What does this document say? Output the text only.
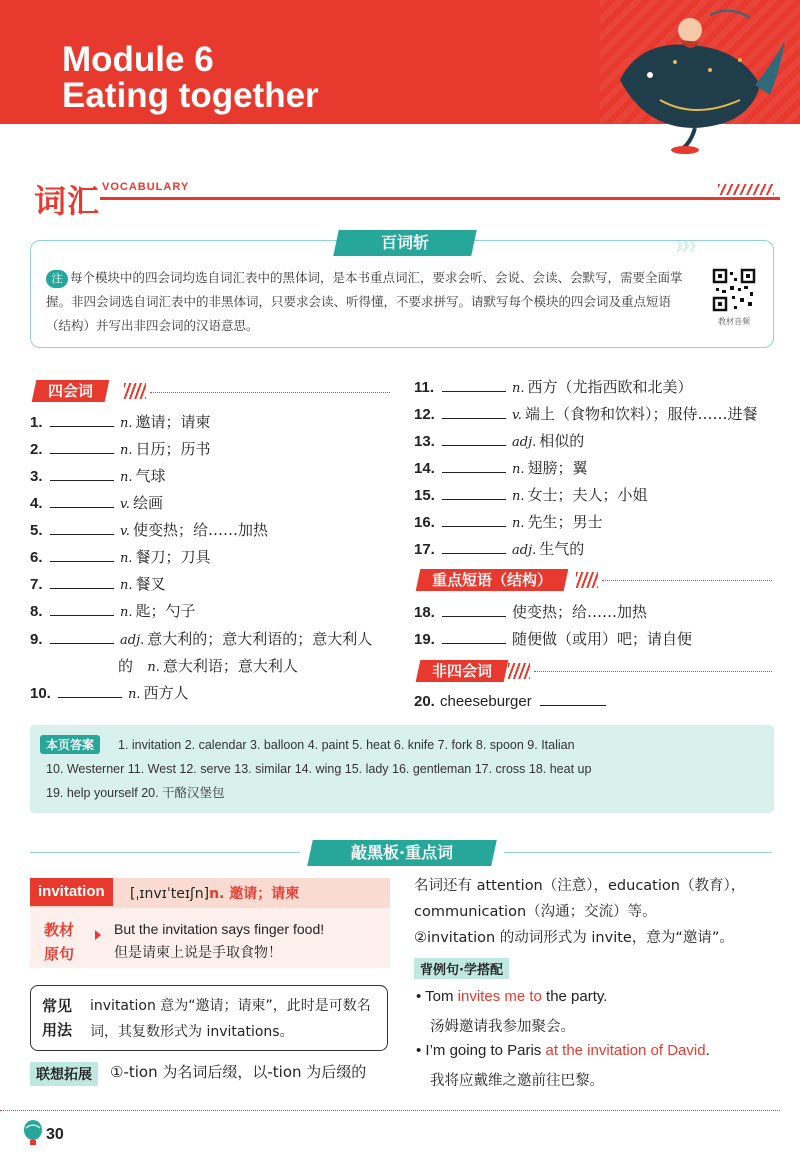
Module 6
Eating together
词汇 VOCABULARY
百词斩	》》》
注 每个模块中的四会词均选自词汇表中的黑体词，是本书重点词汇，要求会听、会说、会读、会默写，需要全面掌
握。非四会词选自词汇表中的非黑体词，只要求会读、听得懂，不要求拼写。请默写每个模块的四会词及重点短语
（结构）并写出非四会词的汉语意思。	教材音频
四会词
1.	n. 邀请；请柬
2.	n. 日历；历书
3.	n. 气球
4.	v. 绘画
5.	v. 使变热；给……加热
6.	n. 餐刀；刀具
7.	n. 餐叉
8.	n. 匙；勺子
9.	adj. 意大利的；意大利语的；意大利人
的 n. 意大利语；意大利人
10.	n. 西方人
11.	n. 西方（尤指西欧和北美）
12.	v. 端上（食物和饮料）；服侍……进餐
13.	adj. 相似的
14.	n. 翅膀；翼
15.	n. 女士；夫人；小姐
16.	n. 先生；男士
17.	adj. 生气的
重点短语（结构）
18.	使变热；给……加热
19.	随便做（或用）吧；请自便
非四会词
20. cheeseburger
本页答案	1. invitation 2. calendar 3. balloon 4. paint 5. heat 6. knife 7. fork 8. spoon 9. Italian
10. Westerner 11. West 12. serve 13. similar 14. wing 15. lady 16. gentleman 17. cross 18. heat up
19. help yourself 20. 干酪汉堡包
敲黑板·重点词
invitation	[ˌɪnvɪˈteɪʃn]n. 邀请；请柬
教材原句
But the invitation says finger food!
但是请柬上说是手取食物！
常见用法
invitation 意为“邀请；请柬”，此时是可数名词，其复数形式为 invitations。
联想拓展	①-tion 为名词后缀，以-tion 为后缀的
名词还有 attention（注意），education（教育），
communication（沟通；交流）等。
②invitation 的动词形式为 invite，意为“邀请”。
背例句·学搭配
• Tom invites me to the party.
汤姆邀请我参加聚会。
• I’m going to Paris at the invitation of David.
我将应戴维之邀前往巴黎。
30
